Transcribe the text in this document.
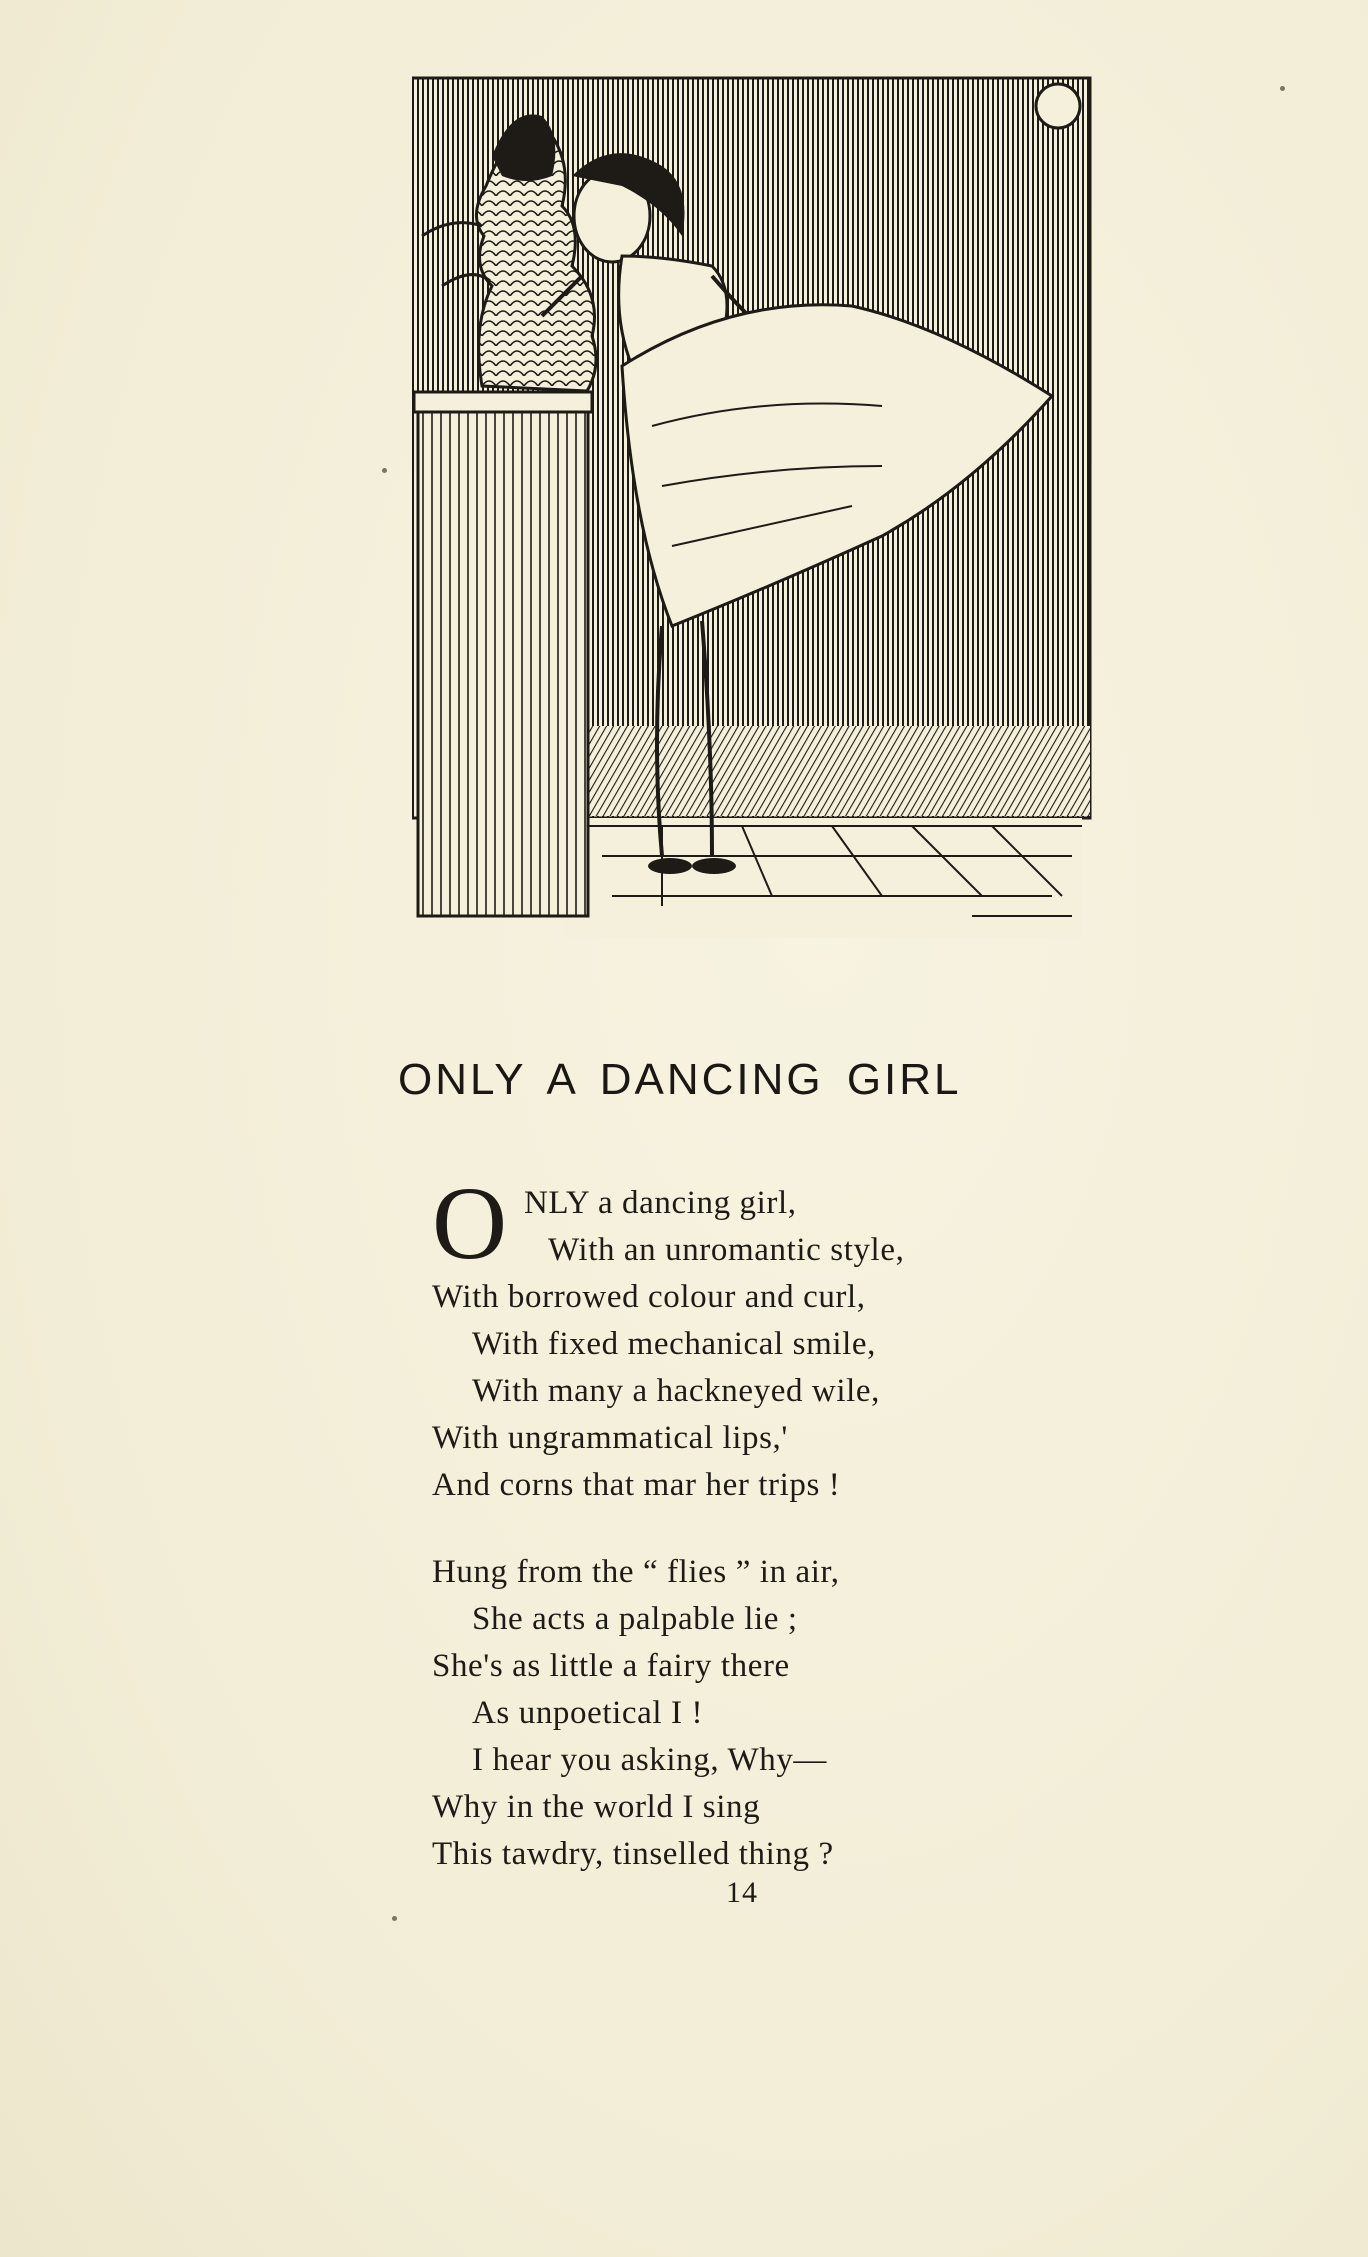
ONLY A DANCING GIRL
O NLY a dancing girl,
With an unromantic style,
With borrowed colour and curl,
With fixed mechanical smile,
With many a hackneyed wile,
With ungrammatical lips,'
And corns that mar her trips !
Hung from the “ flies ” in air,
She acts a palpable lie ;
She's as little a fairy there
As unpoetical I !
I hear you asking, Why—
Why in the world I sing
This tawdry, tinselled thing ?
14
